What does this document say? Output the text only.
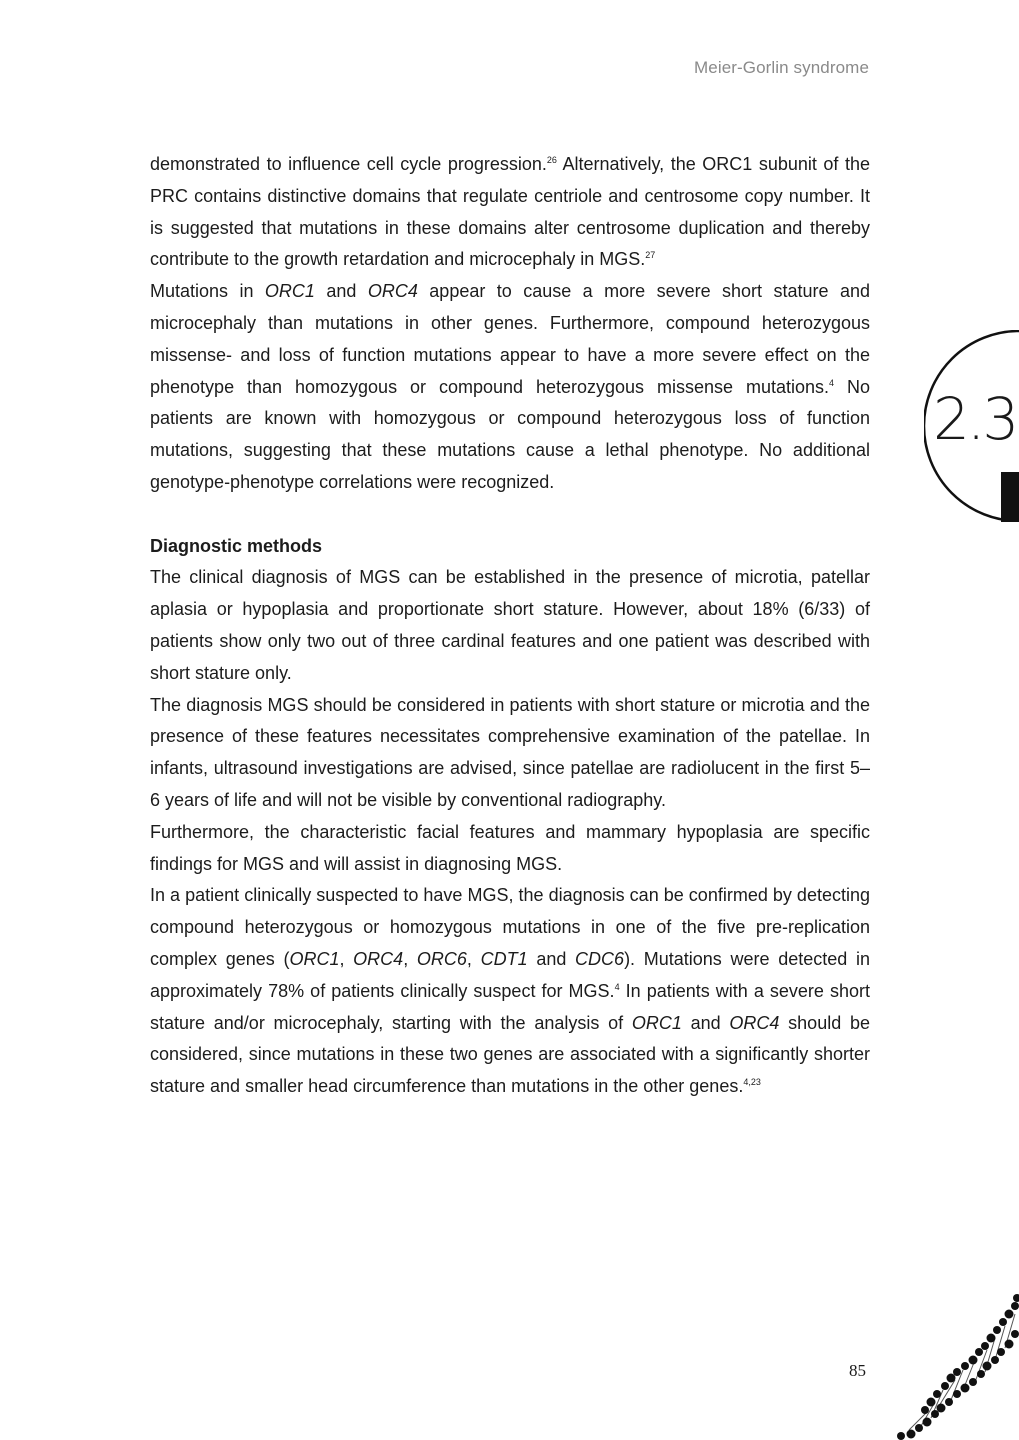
Meier-Gorlin syndrome

demonstrated to influence cell cycle progression.$^{26}$ Alternatively, the ORC1 subunit of the PRC contains distinctive domains that regulate centriole and centrosome copy number. It is suggested that mutations in these domains alter centrosome duplication and thereby contribute to the growth retardation and microcephaly in MGS.$^{27}$

Mutations in ORC1 and ORC4 appear to cause a more severe short stature and microcephaly than mutations in other genes. Furthermore, compound heterozygous missense- and loss of function mutations appear to have a more severe effect on the phenotype than homozygous or compound heterozygous missense mutations.$^4$ No patients are known with homozygous or compound heterozygous loss of function mutations, suggesting that these mutations cause a lethal phenotype. No additional genotype-phenotype correlations were recognized.

Diagnostic methods

The clinical diagnosis of MGS can be established in the presence of microtia, patellar aplasia or hypoplasia and proportionate short stature. However, about 18% (6/33) of patients show only two out of three cardinal features and one patient was described with short stature only.

The diagnosis MGS should be considered in patients with short stature or microtia and the presence of these features necessitates comprehensive examination of the patellae. In infants, ultrasound investigations are advised, since patellae are radiolucent in the first 5–6 years of life and will not be visible by conventional radiography.

Furthermore, the characteristic facial features and mammary hypoplasia are specific findings for MGS and will assist in diagnosing MGS.

In a patient clinically suspected to have MGS, the diagnosis can be confirmed by detecting compound heterozygous or homozygous mutations in one of the five pre-replication complex genes (ORC1, ORC4, ORC6, CDT1 and CDC6). Mutations were detected in approximately 78% of patients clinically suspect for MGS.$^4$ In patients with a severe short stature and/or microcephaly, starting with the analysis of ORC1 and ORC4 should be considered, since mutations in these two genes are associated with a significantly shorter stature and smaller head circumference than mutations in the other genes.$^{4,23}$

2.3
85
